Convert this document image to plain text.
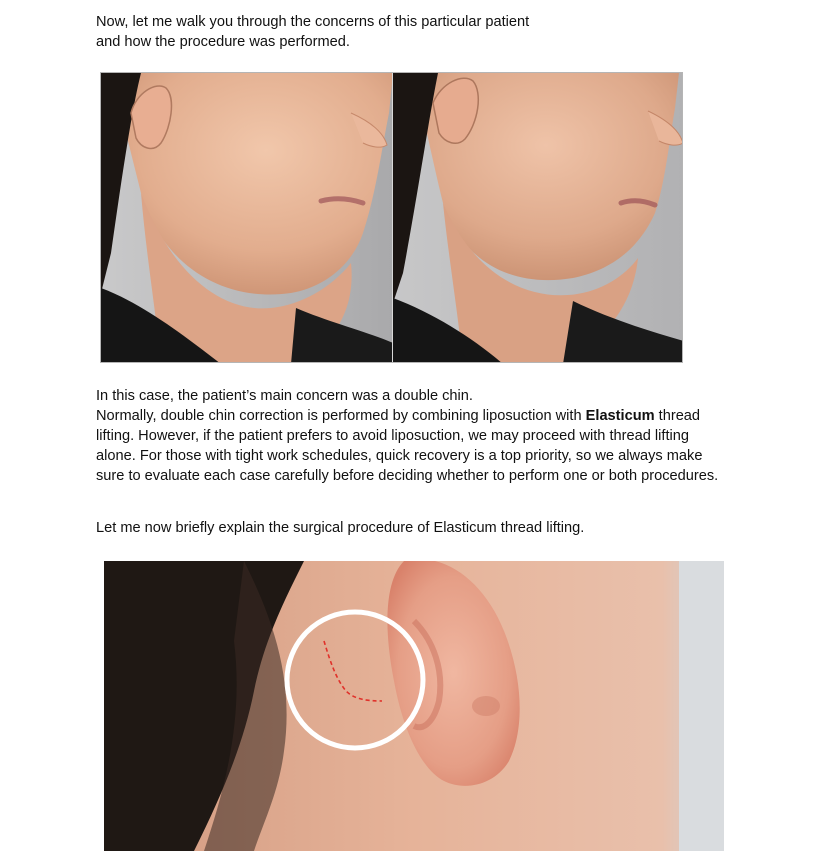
Now, let me walk you through the concerns of this particular patient
and how the procedure was performed.

In this case, the patient’s main concern was a double chin.
Normally, double chin correction is performed by combining liposuction with Elasticum thread lifting. However, if the patient prefers to avoid liposuction, we may proceed with thread lifting alone. For those with tight work schedules, quick recovery is a top priority, so we always make sure to evaluate each case carefully before deciding whether to perform one or both procedures.

Let me now briefly explain the surgical procedure of Elasticum thread lifting.
